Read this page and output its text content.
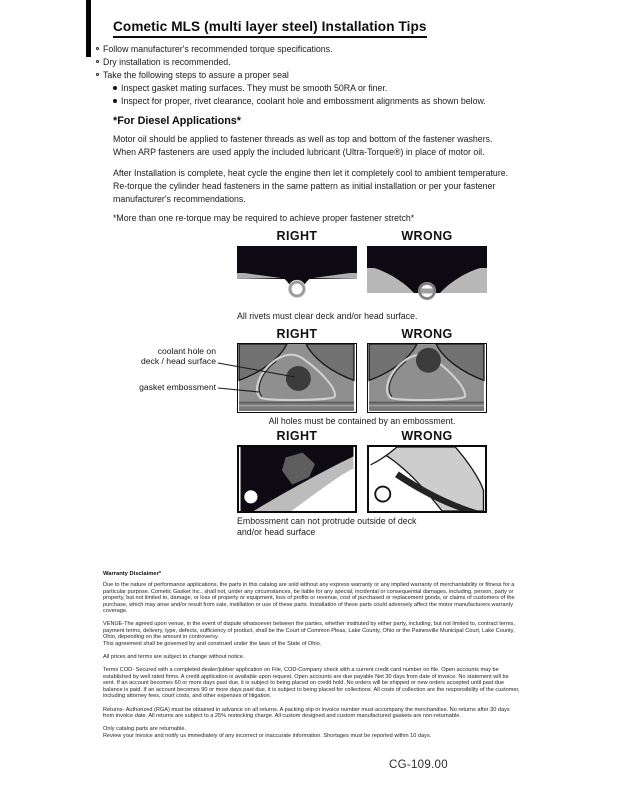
Cometic MLS (multi layer steel) Installation Tips
Follow manufacturer's recommended torque specifications.
Dry installation is recommended.
Take the following steps to assure a proper seal
Inspect gasket mating surfaces. They must be smooth 50RA or finer.
Inspect for proper, rivet clearance, coolant hole and embossment alignments as shown below.
*For Diesel Applications*

Motor oil should be applied to fastener threads as well as top and bottom of the fastener washers. When ARP fasteners are used apply the included lubricant (Ultra-Torque®) in place of motor oil.

After Installation is complete, heat cycle the engine then let it completely cool to ambient temperature. Re-torque the cylinder head fasteners in the same pattern as initial installation or per your fastener manufacturer's recommendations.

*More than one re-torque may be required to achieve proper fastener stretch*

RIGHT	WRONG
All rivets must clear deck and/or head surface.
RIGHT	WRONG
All holes must be contained by an embossment.
coolant hole on
deck / head surface
gasket embossment
RIGHT	WRONG
Embossment can not protrude outside of deck
and/or head surface
Warranty Disclaimer*

Due to the nature of performance applications, the parts in this catalog are sold without any express warranty or any implied warranty of merchantability or fitness for a particular purpose. Cometic Gasket Inc., shall not, under any circumstances, be liable for any special, incidental or consequential damages, including, person, party or property, but not limited to, damage, or loss of property or equipment, loss of profits or revenue, cost of purchased or replacement goods, or claims of customers of the purchase, which may arise and/or result from sale, instillation or use of these parts. Installation of these parts could adversely affect the motor manufacturers warranty coverage.

VENUE-The agreed upon venue, in the event of dispute whatsoever between the parties, whether instituted by either party, including, but not limited to, contract terms, payment terms, delivery, type, defects, sufficiency of product, shall be the Court of Common Pleas, Lake County, Ohio or the Painesville Municipal Court, Lake County, Ohio, depending on the amount in controversy.
This agreement shall be governed by and construed under the laws of the State of Ohio.

All prices and terms are subject to change without notice.

Terms COD- Secured with a completed dealer/jobber application on File, COD-Company check with a current credit card number on file. Open accounts may be established by well rated firms. A credit application is available upon request. Open accounts are due payable Net 30 days from date of invoice. No statement will be sent. If an account becomes 60 or more days past due, it is subject to being placed on credit hold. No orders will be shipped or new orders accepted until past due balance is paid. If an account becomes 90 or more days past due, it is subject to being placed for collections. All costs of collection are the responsibility of the customer, including attorney fees, court costs, and other expenses of litigation.

Returns- Authorized (RGA) must be obtained in advance on all returns. A packing slip or invoice number must accompany the merchandise. No returns after 30 days from invoice date. All returns are subject to a 25% restocking charge. All custom designed and custom manufactured gaskets are non-returnable.

Only catalog parts are returnable.

Review your invoice and notify us immediately of any incorrect or inaccurate information. Shortages must be reported within 10 days.

CG-109.00
